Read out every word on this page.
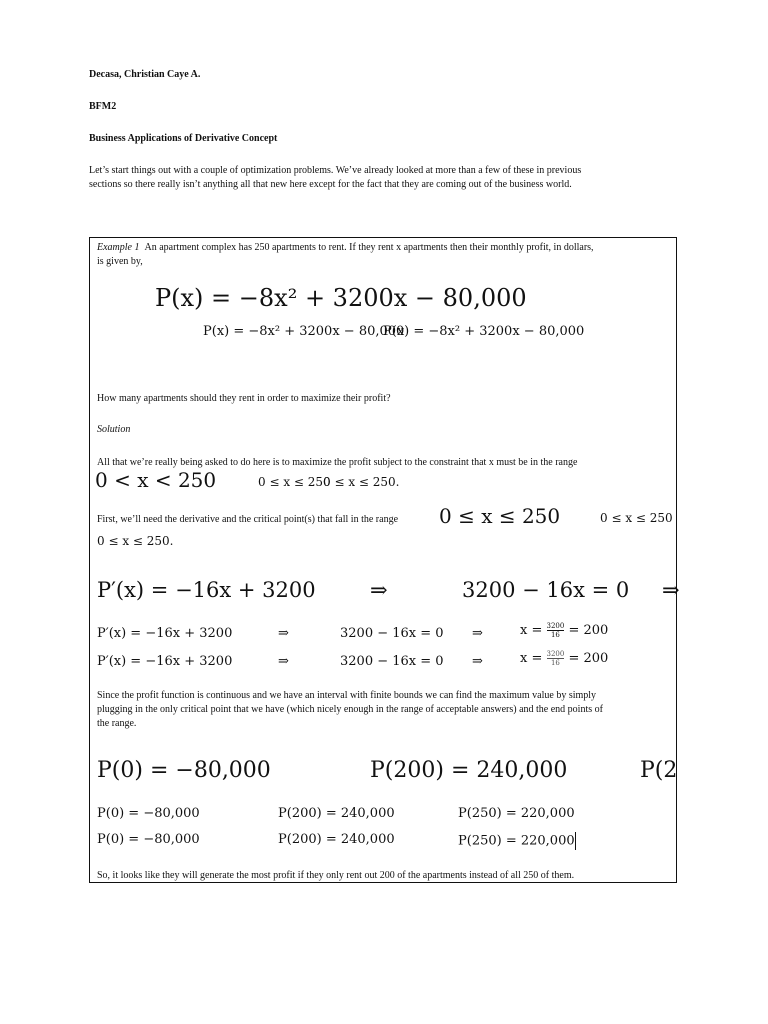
Decasa, Christian Caye A.
BFM2
Business Applications of Derivative Concept
Let’s start things out with a couple of optimization problems. We’ve already looked at more than a few of these in previous
sections so there really isn’t anything all that new here except for the fact that they are coming out of the business world.
Example 1 An apartment complex has 250 apartments to rent. If they rent x apartments then their monthly profit, in dollars,
is given by,
P(x) = −8x² + 3200x − 80,000
P(x) = −8x² + 3200x − 80,000
P(x) = −8x² + 3200x − 80,000
How many apartments should they rent in order to maximize their profit?
Solution
All that we’re really being asked to do here is to maximize the profit subject to the constraint that x must be in the range
0 < x < 250	0 ≤ x ≤ 250
0 ≤ x ≤ 250.
First, we’ll need the derivative and the critical point(s) that fall in the range 0 ≤ x ≤ 250	0 ≤ x ≤ 250
0 ≤ x ≤ 250.
P′(x) = −16x + 3200	⇒	3200 − 16x = 0 ⇒
P′(x) = −16x + 3200	⇒	3200 − 16x = 0 ⇒	$x = \frac{3200}{16} = 200$
P′(x) = −16x + 3200	⇒	3200 − 16x = 0 ⇒	$x = \frac{3200}{16} = 200$
Since the profit function is continuous and we have an interval with finite bounds we can find the maximum value by simply
plugging in the only critical point that we have (which nicely enough in the range of acceptable answers) and the end points of
the range.
P(0) = −80,000	P(200) = 240,000	P(2
P(0) = −80,000	P(200) = 240,000	P(250) = 220,000
P(0) = −80,000	P(200) = 240,000	P(250) = 220,000
So, it looks like they will generate the most profit if they only rent out 200 of the apartments instead of all 250 of them.
